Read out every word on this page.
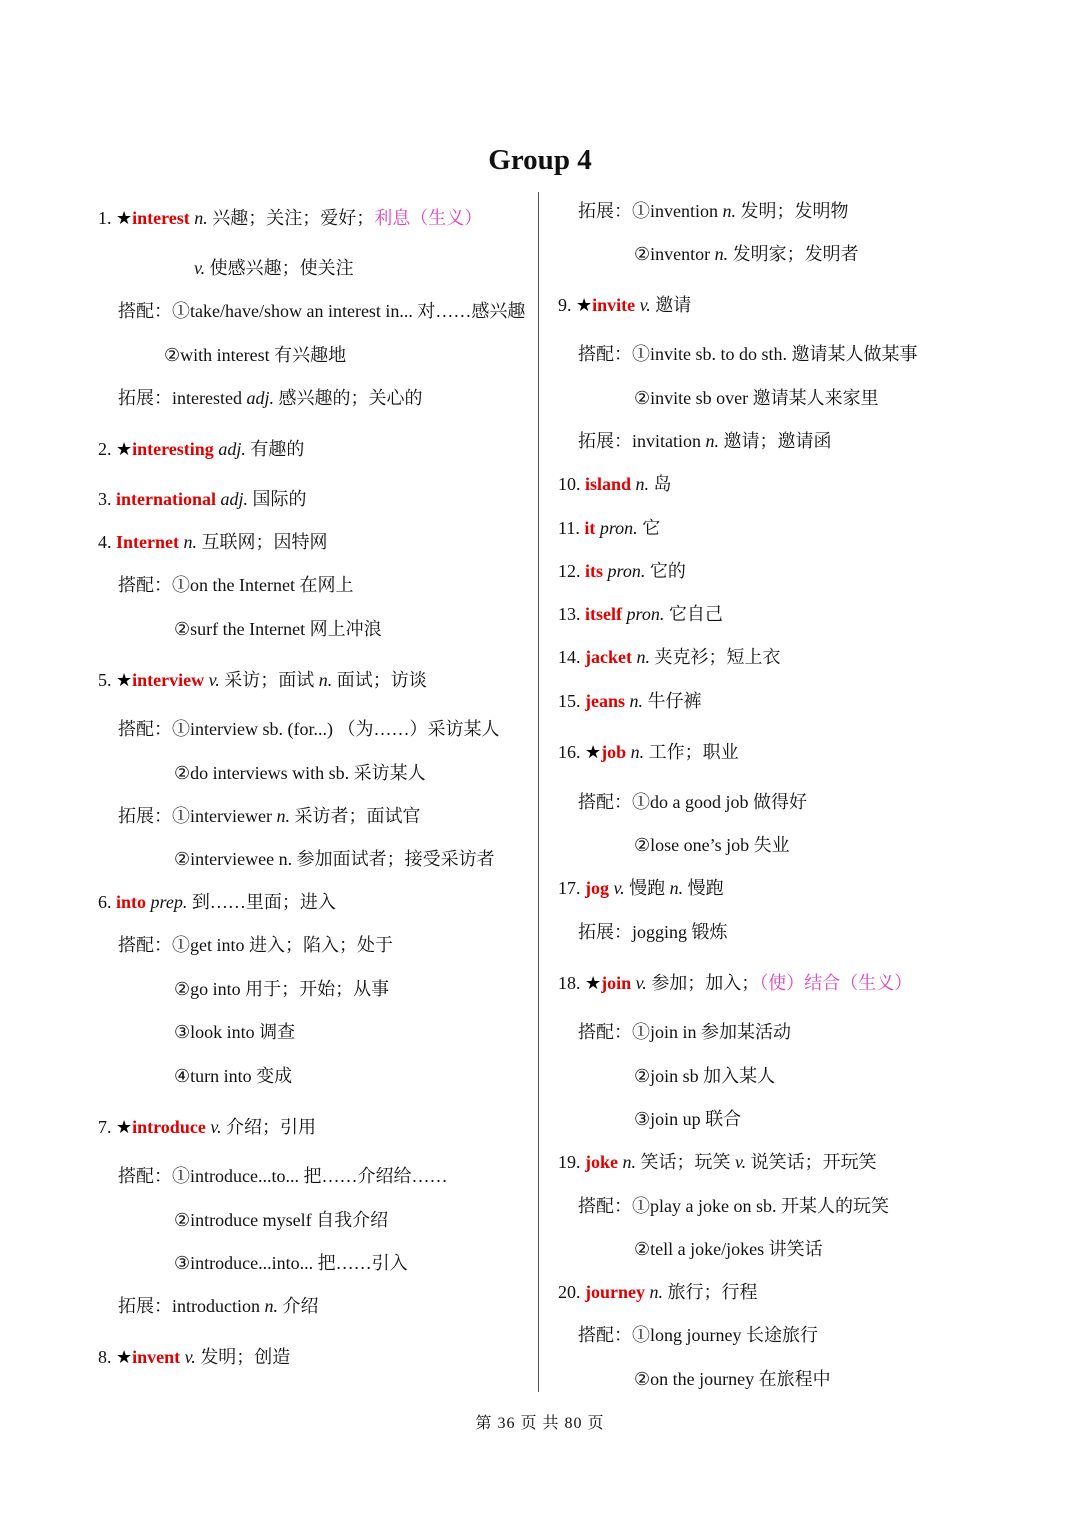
Group 4
1. ★interest n. 兴趣；关注；爱好；利息（生义）
v. 使感兴趣；使关注
搭配：①take/have/show an interest in... 对……感兴趣
②with interest 有兴趣地
拓展：interested adj. 感兴趣的；关心的
2. ★interesting adj. 有趣的
3. international adj. 国际的
4. Internet n. 互联网；因特网
搭配：①on the Internet 在网上
②surf the Internet 网上冲浪
5. ★interview v. 采访；面试 n. 面试；访谈
搭配：①interview sb. (for...) （为……）采访某人
②do interviews with sb. 采访某人
拓展：①interviewer n. 采访者；面试官
②interviewee n. 参加面试者；接受采访者
6. into prep. 到……里面；进入
搭配：①get into 进入；陷入；处于
②go into 用于；开始；从事
③look into 调查
④turn into 变成
7. ★introduce v. 介绍；引用
搭配：①introduce...to... 把……介绍给……
②introduce myself 自我介绍
③introduce...into... 把……引入
拓展：introduction n. 介绍
8. ★invent v. 发明；创造
拓展：①invention n. 发明；发明物
②inventor n. 发明家；发明者
9. ★invite v. 邀请
搭配：①invite sb. to do sth. 邀请某人做某事
②invite sb over 邀请某人来家里
拓展：invitation n. 邀请；邀请函
10. island n. 岛
11. it pron. 它
12. its pron. 它的
13. itself pron. 它自己
14. jacket n. 夹克衫；短上衣
15. jeans n. 牛仔裤
16. ★job n. 工作；职业
搭配：①do a good job 做得好
②lose one’s job 失业
17. jog v. 慢跑 n. 慢跑
拓展：jogging 锻炼
18. ★join v. 参加；加入；（使）结合（生义）
搭配：①join in 参加某活动
②join sb 加入某人
③join up 联合
19. joke n. 笑话；玩笑 v. 说笑话；开玩笑
搭配：①play a joke on sb. 开某人的玩笑
②tell a joke/jokes 讲笑话
20. journey n. 旅行；行程
搭配：①long journey 长途旅行
②on the journey 在旅程中
第 36 页 共 80 页
